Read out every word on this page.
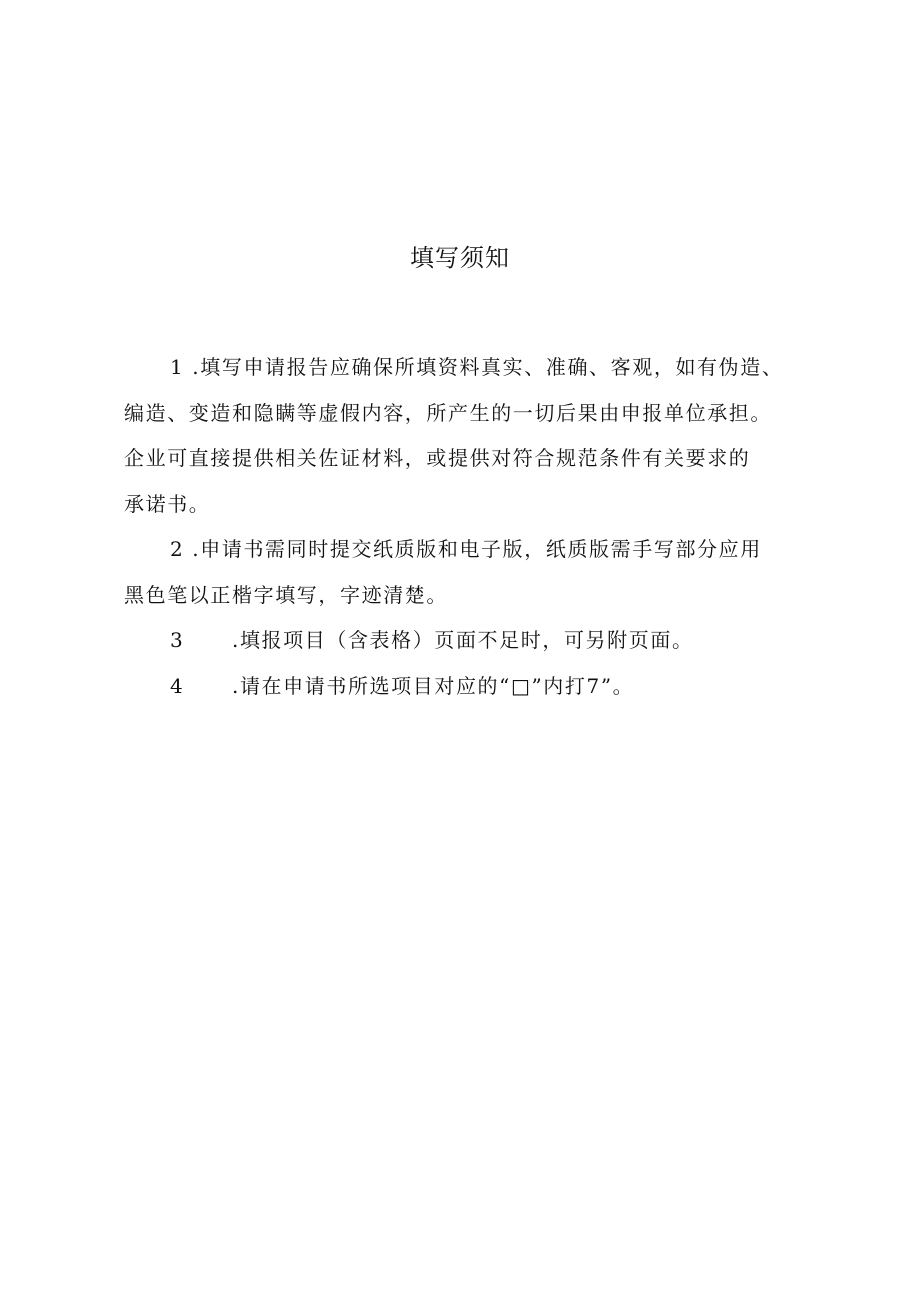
填写须知

1 .填写申请报告应确保所填资料真实、准确、客观，如有伪造、
编造、变造和隐瞒等虚假内容，所产生的一切后果由申报单位承担。
企业可直接提供相关佐证材料，或提供对符合规范条件有关要求的
承诺书。

2 .申请书需同时提交纸质版和电子版，纸质版需手写部分应用
黑色笔以正楷字填写，字迹清楚。

3 .填报项目（含表格）页面不足时，可另附页面。

4 .请在申请书所选项目对应的“□”内打7”。
